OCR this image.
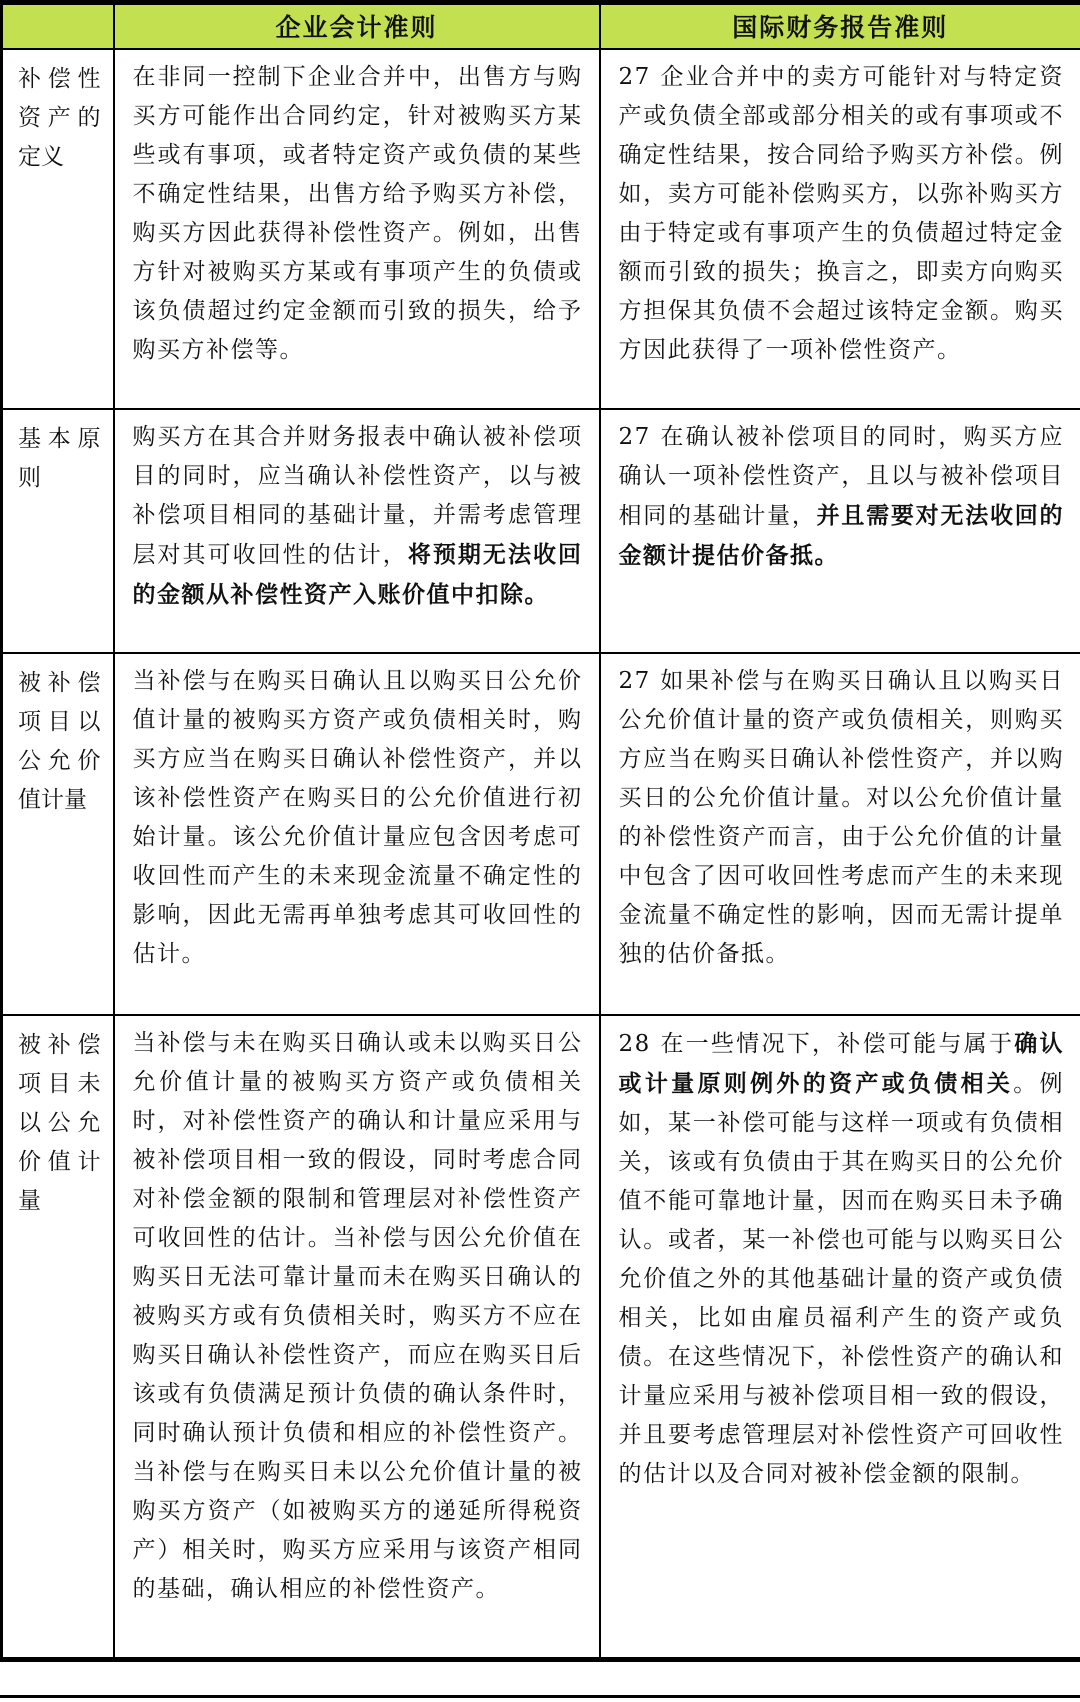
	企业会计准则	国际财务报告准则
补偿性资产的定义	在非同一控制下企业合并中，出售方与购买方可能作出合同约定，针对被购买方某些或有事项，或者特定资产或负债的某些不确定性结果，出售方给予购买方补偿，购买方因此获得补偿性资产。例如，出售方针对被购买方某或有事项产生的负债或该负债超过约定金额而引致的损失，给予购买方补偿等。	27 企业合并中的卖方可能针对与特定资产或负债全部或部分相关的或有事项或不确定性结果，按合同给予购买方补偿。例如，卖方可能补偿购买方，以弥补购买方由于特定或有事项产生的负债超过特定金额而引致的损失；换言之，即卖方向购买方担保其负债不会超过该特定金额。购买方因此获得了一项补偿性资产。
基本原则	购买方在其合并财务报表中确认被补偿项目的同时，应当确认补偿性资产，以与被补偿项目相同的基础计量，并需考虑管理层对其可收回性的估计，将预期无法收回的金额从补偿性资产入账价值中扣除。	27 在确认被补偿项目的同时，购买方应确认一项补偿性资产，且以与被补偿项目相同的基础计量，并且需要对无法收回的金额计提估价备抵。
被补偿项目以公允价值计量	当补偿与在购买日确认且以购买日公允价值计量的被购买方资产或负债相关时，购买方应当在购买日确认补偿性资产，并以该补偿性资产在购买日的公允价值进行初始计量。该公允价值计量应包含因考虑可收回性而产生的未来现金流量不确定性的影响，因此无需再单独考虑其可收回性的估计。	27 如果补偿与在购买日确认且以购买日公允价值计量的资产或负债相关，则购买方应当在购买日确认补偿性资产，并以购买日的公允价值计量。对以公允价值计量的补偿性资产而言，由于公允价值的计量中包含了因可收回性考虑而产生的未来现金流量不确定性的影响，因而无需计提单独的估价备抵。
被补偿项目未以公允价值计量	当补偿与未在购买日确认或未以购买日公允价值计量的被购买方资产或负债相关时，对补偿性资产的确认和计量应采用与被补偿项目相一致的假设，同时考虑合同对补偿金额的限制和管理层对补偿性资产可收回性的估计。当补偿与因公允价值在购买日无法可靠计量而未在购买日确认的被购买方或有负债相关时，购买方不应在购买日确认补偿性资产，而应在购买日后该或有负债满足预计负债的确认条件时，同时确认预计负债和相应的补偿性资产。当补偿与在购买日未以公允价值计量的被购买方资产（如被购买方的递延所得税资产）相关时，购买方应采用与该资产相同的基础，确认相应的补偿性资产。	28 在一些情况下，补偿可能与属于确认或计量原则例外的资产或负债相关。例如，某一补偿可能与这样一项或有负债相关，该或有负债由于其在购买日的公允价值不能可靠地计量，因而在购买日未予确认。或者，某一补偿也可能与以购买日公允价值之外的其他基础计量的资产或负债相关，比如由雇员福利产生的资产或负债。在这些情况下，补偿性资产的确认和计量应采用与被补偿项目相一致的假设，并且要考虑管理层对补偿性资产可回收性的估计以及合同对被补偿金额的限制。
